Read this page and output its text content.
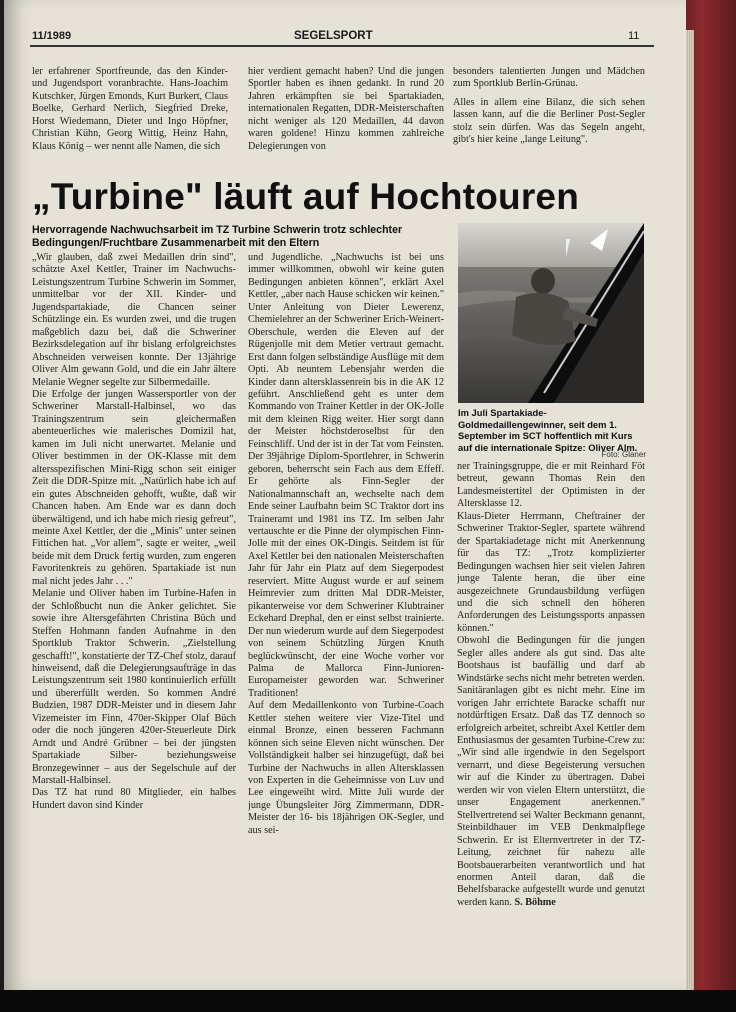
11/1989	SEGELSPORT	11

ler erfahrener Sportfreunde, das den Kinder- und Jugendsport voranbrachte. Hans-Joachim Kutschker, Jürgen Emonds, Kurt Burkert, Claus Boelke, Gerhard Nerlich, Siegfried Dreke, Horst Wiedemann, Dieter und Ingo Höpfner, Christian Kühn, Georg Wittig, Heinz Hahn, Klaus König – wer nennt alle Namen, die sich

hier verdient gemacht haben? Und die jungen Sportler haben es ihnen gedankt. In rund 20 Jahren erkämpften sie bei Spartakiaden, internationalen Regatten, DDR-Meisterschaften nicht weniger als 120 Medaillen, 44 davon waren goldene! Hinzu kommen zahlreiche Delegierungen von

besonders talentierten Jungen und Mädchen zum Sportklub Berlin-Grünau.

Alles in allem eine Bilanz, die sich sehen lassen kann, auf die die Berliner Post-Segler stolz sein dürfen. Was das Segeln angeht, gibt's hier keine „lange Leitung".

„Turbine" läuft auf Hochtouren
Hervorragende Nachwuchsarbeit im TZ Turbine Schwerin trotz schlechter Bedingungen/Fruchtbare Zusammenarbeit mit den Eltern
Im Juli Spartakiade-Goldmedaillengewinner, seit dem 1. September im SCT hoffentlich mit Kurs auf die internationale Spitze: Oliver Alm.
Foto: Glaner

„Wir glauben, daß zwei Medaillen drin sind", schätzte Axel Kettler, Trainer im Nachwuchs-Leistungszentrum Turbine Schwerin im Sommer, unmittelbar vor der XII. Kinder- und Jugendspartakiade, die Chancen seiner Schützlinge ein. Es wurden zwei, und die trugen maßgeblich dazu bei, daß die Schweriner Bezirksdelegation auf ihr bislang erfolgreichstes Abschneiden verweisen konnte. Der 13jährige Oliver Alm gewann Gold, und die ein Jahr ältere Melanie Wegner segelte zur Silbermedaille.

Die Erfolge der jungen Wassersportler von der Schweriner Marstall-Halbinsel, wo das Trainingszentrum sein gleichermaßen abenteuerliches wie malerisches Domizil hat, kamen im Juli nicht unerwartet. Melanie und Oliver bestimmen in der OK-Klasse mit dem altersspezifischen Mini-Rigg schon seit einiger Zeit die DDR-Spitze mit. „Natürlich habe ich auf ein gutes Abschneiden gehofft, wußte, daß wir Chancen haben. Am Ende war es dann doch überwältigend, und ich habe mich riesig gefreut", meinte Axel Kettler, der die „Minis" unter seinen Fittichen hat. „Vor allem", sagte er weiter, „weil beide mit dem Druck fertig wurden, zum engeren Favoritenkreis zu gehören. Spartakiade ist nun mal nicht jedes Jahr . . ."

Melanie und Oliver haben im Turbine-Hafen in der Schloßbucht nun die Anker gelichtet. Sie sowie ihre Altersgefährten Christina Büch und Steffen Hohmann fanden Aufnahme in den Sportklub Traktor Schwerin. „Zielstellung geschafft!", konstatierte der TZ-Chef stolz, darauf hinweisend, daß die Delegierungsaufträge in das Leistungszentrum seit 1980 kontinuierlich erfüllt und übererfüllt werden. So kommen André Budzien, 1987 DDR-Meister und in diesem Jahr Vizemeister im Finn, 470er-Skipper Olaf Büch oder die noch jüngeren 420er-Steuerleute Dirk Arndt und André Grübner – bei der jüngsten Spartakiade Silber- beziehungsweise Bronzegewinner – aus der Segelschule auf der Marstall-Halbinsel.

Das TZ hat rund 80 Mitglieder, ein halbes Hundert davon sind Kinder

und Jugendliche. „Nachwuchs ist bei uns immer willkommen, obwohl wir keine guten Bedingungen anbieten können", erklärt Axel Kettler, „aber nach Hause schicken wir keinen." Unter Anleitung von Dieter Lewerenz, Chemielehrer an der Schweriner Erich-Weinert-Oberschule, werden die Eleven auf der Rügenjolle mit dem Metier vertraut gemacht. Erst dann folgen selbständige Ausflüge mit dem Opti. Ab neuntem Lebensjahr werden die Kinder dann altersklassenrein bis in die AK 12 geführt. Anschließend geht es unter dem Kommando von Trainer Kettler in der OK-Jolle mit dem kleinen Rigg weiter. Hier sorgt dann der Meister höchstderoselbst für den Feinschliff. Und der ist in der Tat vom Feinsten.

Der 39jährige Diplom-Sportlehrer, in Schwerin geboren, beherrscht sein Fach aus dem Effeff. Er gehörte als Finn-Segler der Nationalmannschaft an, wechselte nach dem Ende seiner Laufbahn beim SC Traktor dort ins Traineramt und 1981 ins TZ. Im selben Jahr vertauschte er die Pinne der olympischen Finn-Jolle mit der eines OK-Dingis. Seitdem ist für Axel Kettler bei den nationalen Meisterschaften Jahr für Jahr ein Platz auf dem Siegerpodest reserviert. Mitte August wurde er auf seinem Heimrevier zum dritten Mal DDR-Meister, pikanterweise vor dem Schweriner Klubtrainer Eckehard Drephal, den er einst selbst trainierte. Der nun wiederum wurde auf dem Siegerpodest von seinem Schützling Jürgen Knuth beglückwünscht, der eine Woche vorher vor Palma de Mallorca Finn-Junioren-Europameister geworden war. Schweriner Traditionen!

Auf dem Medaillenkonto von Turbine-Coach Kettler stehen weitere vier Vize-Titel und einmal Bronze, einen besseren Fachmann können sich seine Eleven nicht wünschen. Der Vollständigkeit halber sei hinzugefügt, daß bei Turbine der Nachwuchs in allen Altersklassen von Experten in die Geheimnisse von Luv und Lee eingeweiht wird. Mitte Juli wurde der junge Übungsleiter Jörg Zimmermann, DDR-Meister der 16- bis 18jährigen OK-Segler, und aus sei-

ner Trainingsgruppe, die er mit Reinhard Föt betreut, gewann Thomas Rein den Landesmeistertitel der Optimisten in der Altersklasse 12.

Klaus-Dieter Herrmann, Cheftrainer der Schweriner Traktor-Segler, spartete während der Spartakiadetage nicht mit Anerkennung für das TZ: „Trotz komplizierter Bedingungen wachsen hier seit vielen Jahren junge Talente heran, die über eine ausgezeichnete Grundausbildung verfügen und die sich schnell den höheren Anforderungen des Leistungssports anpassen können."

Obwohl die Bedingungen für die jungen Segler alles andere als gut sind. Das alte Bootshaus ist baufällig und darf ab Windstärke sechs nicht mehr betreten werden. Sanitäranlagen gibt es nicht mehr. Eine im vorigen Jahr errichtete Baracke schafft nur notdürftigen Ersatz. Daß das TZ dennoch so erfolgreich arbeitet, schreibt Axel Kettler dem Enthusiasmus der gesamten Turbine-Crew zu: „Wir sind alle irgendwie in den Segelsport vernarrt, und diese Begeisterung versuchen wir auf die Kinder zu übertragen. Dabei werden wir von vielen Eltern unterstützt, die unser Engagement anerkennen." Stellvertretend sei Walter Beckmann genannt, Steinbildhauer im VEB Denkmalpflege Schwerin. Er ist Elternvertreter in der TZ-Leitung, zeichnet für nahezu alle Bootsbauerarbeiten verantwortlich und hat enormen Anteil daran, daß die Behelfsbaracke aufgestellt wurde und genutzt werden kann. S. Böhme
